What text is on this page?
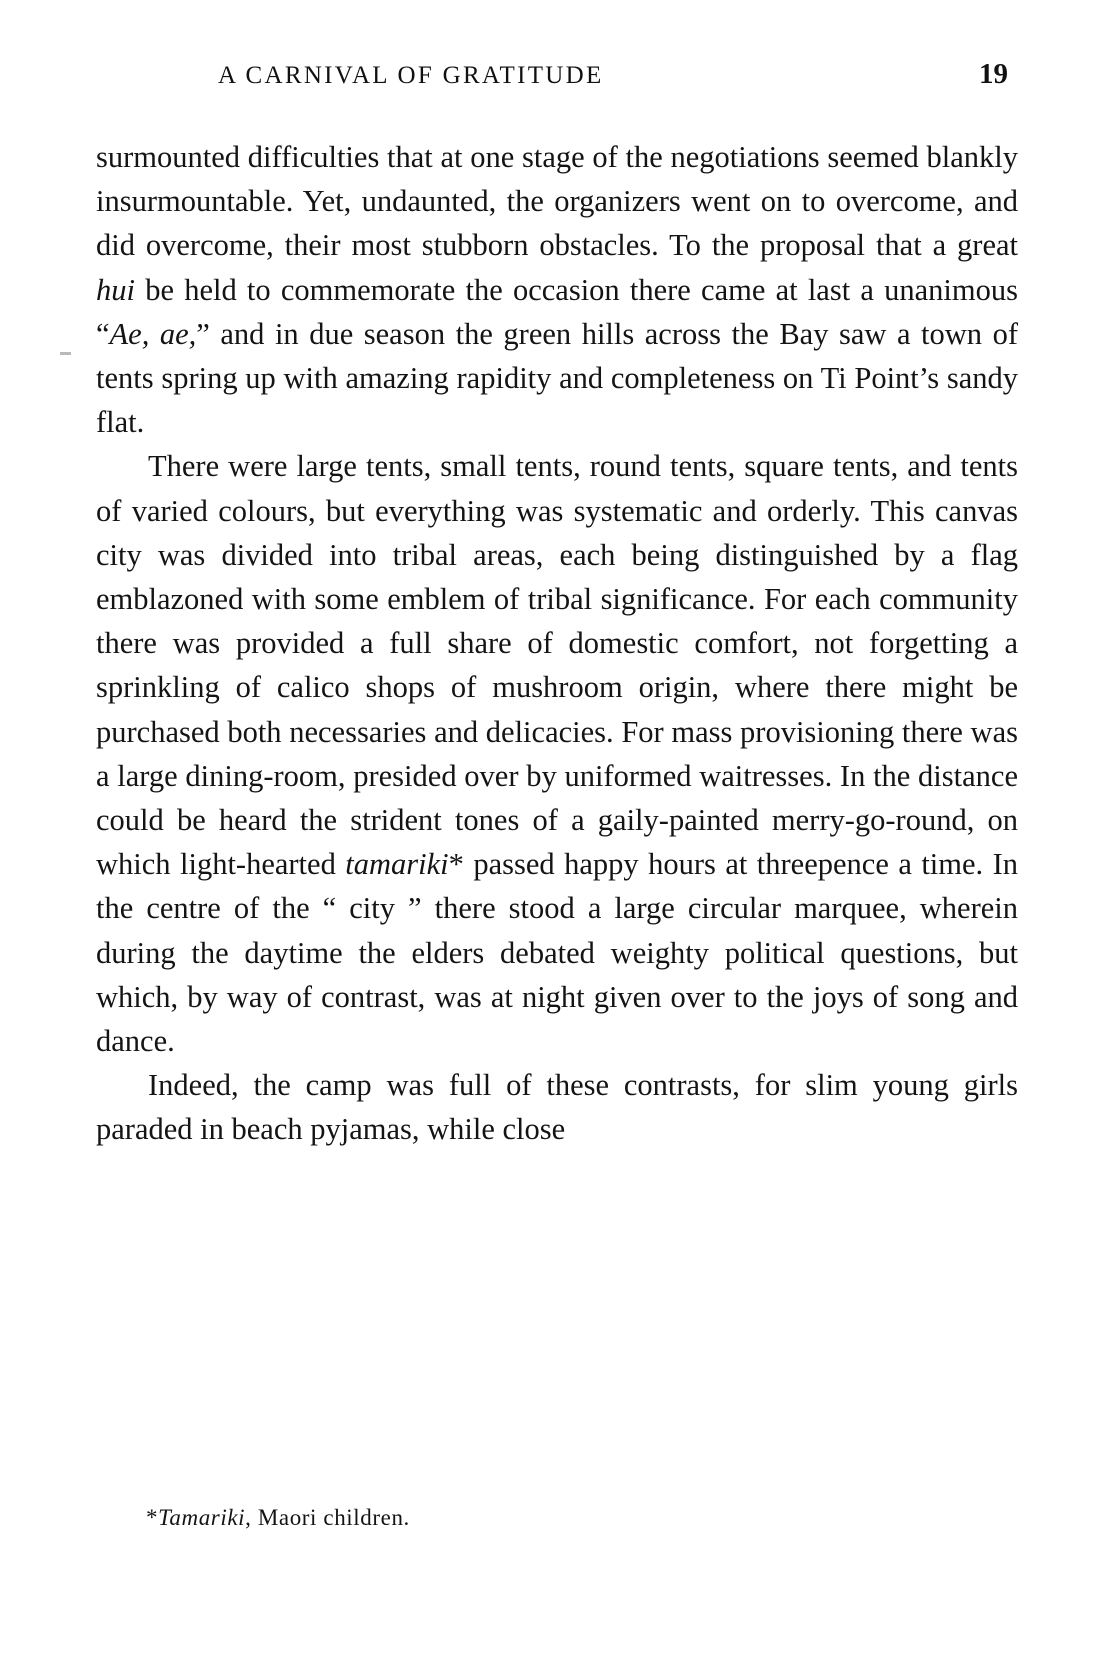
A CARNIVAL OF GRATITUDE	19

surmounted difficulties that at one stage of the negotiations seemed blankly insurmountable. Yet, undaunted, the organizers went on to overcome, and did overcome, their most stubborn obstacles. To the proposal that a great hui be held to commemorate the occasion there came at last a unanimous “Ae, ae,” and in due season the green hills across the Bay saw a town of tents spring up with amazing rapidity and completeness on Ti Point’s sandy flat.

There were large tents, small tents, round tents, square tents, and tents of varied colours, but everything was systematic and orderly. This canvas city was divided into tribal areas, each being distinguished by a flag emblazoned with some emblem of tribal significance. For each community there was provided a full share of domestic comfort, not forgetting a sprinkling of calico shops of mushroom origin, where there might be purchased both necessaries and delicacies. For mass provisioning there was a large dining-room, presided over by uniformed waitresses. In the distance could be heard the strident tones of a gaily-painted merry-go-round, on which light-hearted tamariki* passed happy hours at threepence a time. In the centre of the “ city ” there stood a large circular marquee, wherein during the daytime the elders debated weighty political questions, but which, by way of contrast, was at night given over to the joys of song and dance.

Indeed, the camp was full of these contrasts, for slim young girls paraded in beach pyjamas, while close

*Tamariki, Maori children.
